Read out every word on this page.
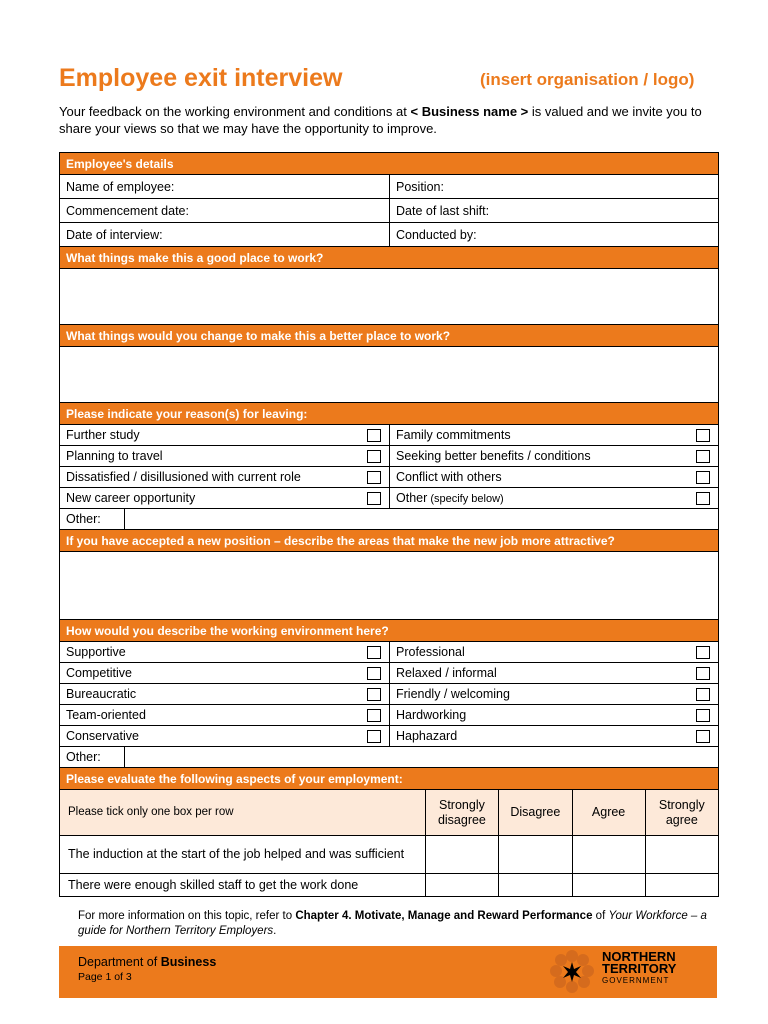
Employee exit interview	(insert organisation / logo)
Your feedback on the working environment and conditions at < Business name > is valued and we invite you to share your views so that we may have the opportunity to improve.
Employee's details
Name of employee:	Position:
Commencement date:	Date of last shift:
Date of interview:	Conducted by:
What things make this a good place to work?
What things would you change to make this a better place to work?
Please indicate your reason(s) for leaving:
Further study	Family commitments
Planning to travel	Seeking better benefits / conditions
Dissatisfied / disillusioned with current role	Conflict with others
New career opportunity	Other (specify below)
Other:
If you have accepted a new position – describe the areas that make the new job more attractive?
How would you describe the working environment here?
Supportive	Professional
Competitive	Relaxed / informal
Bureaucratic	Friendly / welcoming
Team-oriented	Hardworking
Conservative	Haphazard
Other:
Please evaluate the following aspects of your employment:
Please tick only one box per row	Strongly disagree	Disagree	Agree	Strongly agree
The induction at the start of the job helped and was sufficient				
There were enough skilled staff to get the work done				
For more information on this topic, refer to Chapter 4. Motivate, Manage and Reward Performance of Your Workforce – a guide for Northern Territory Employers.
Department of Business
Page 1 of 3
NORTHERN
TERRITORY
GOVERNMENT
